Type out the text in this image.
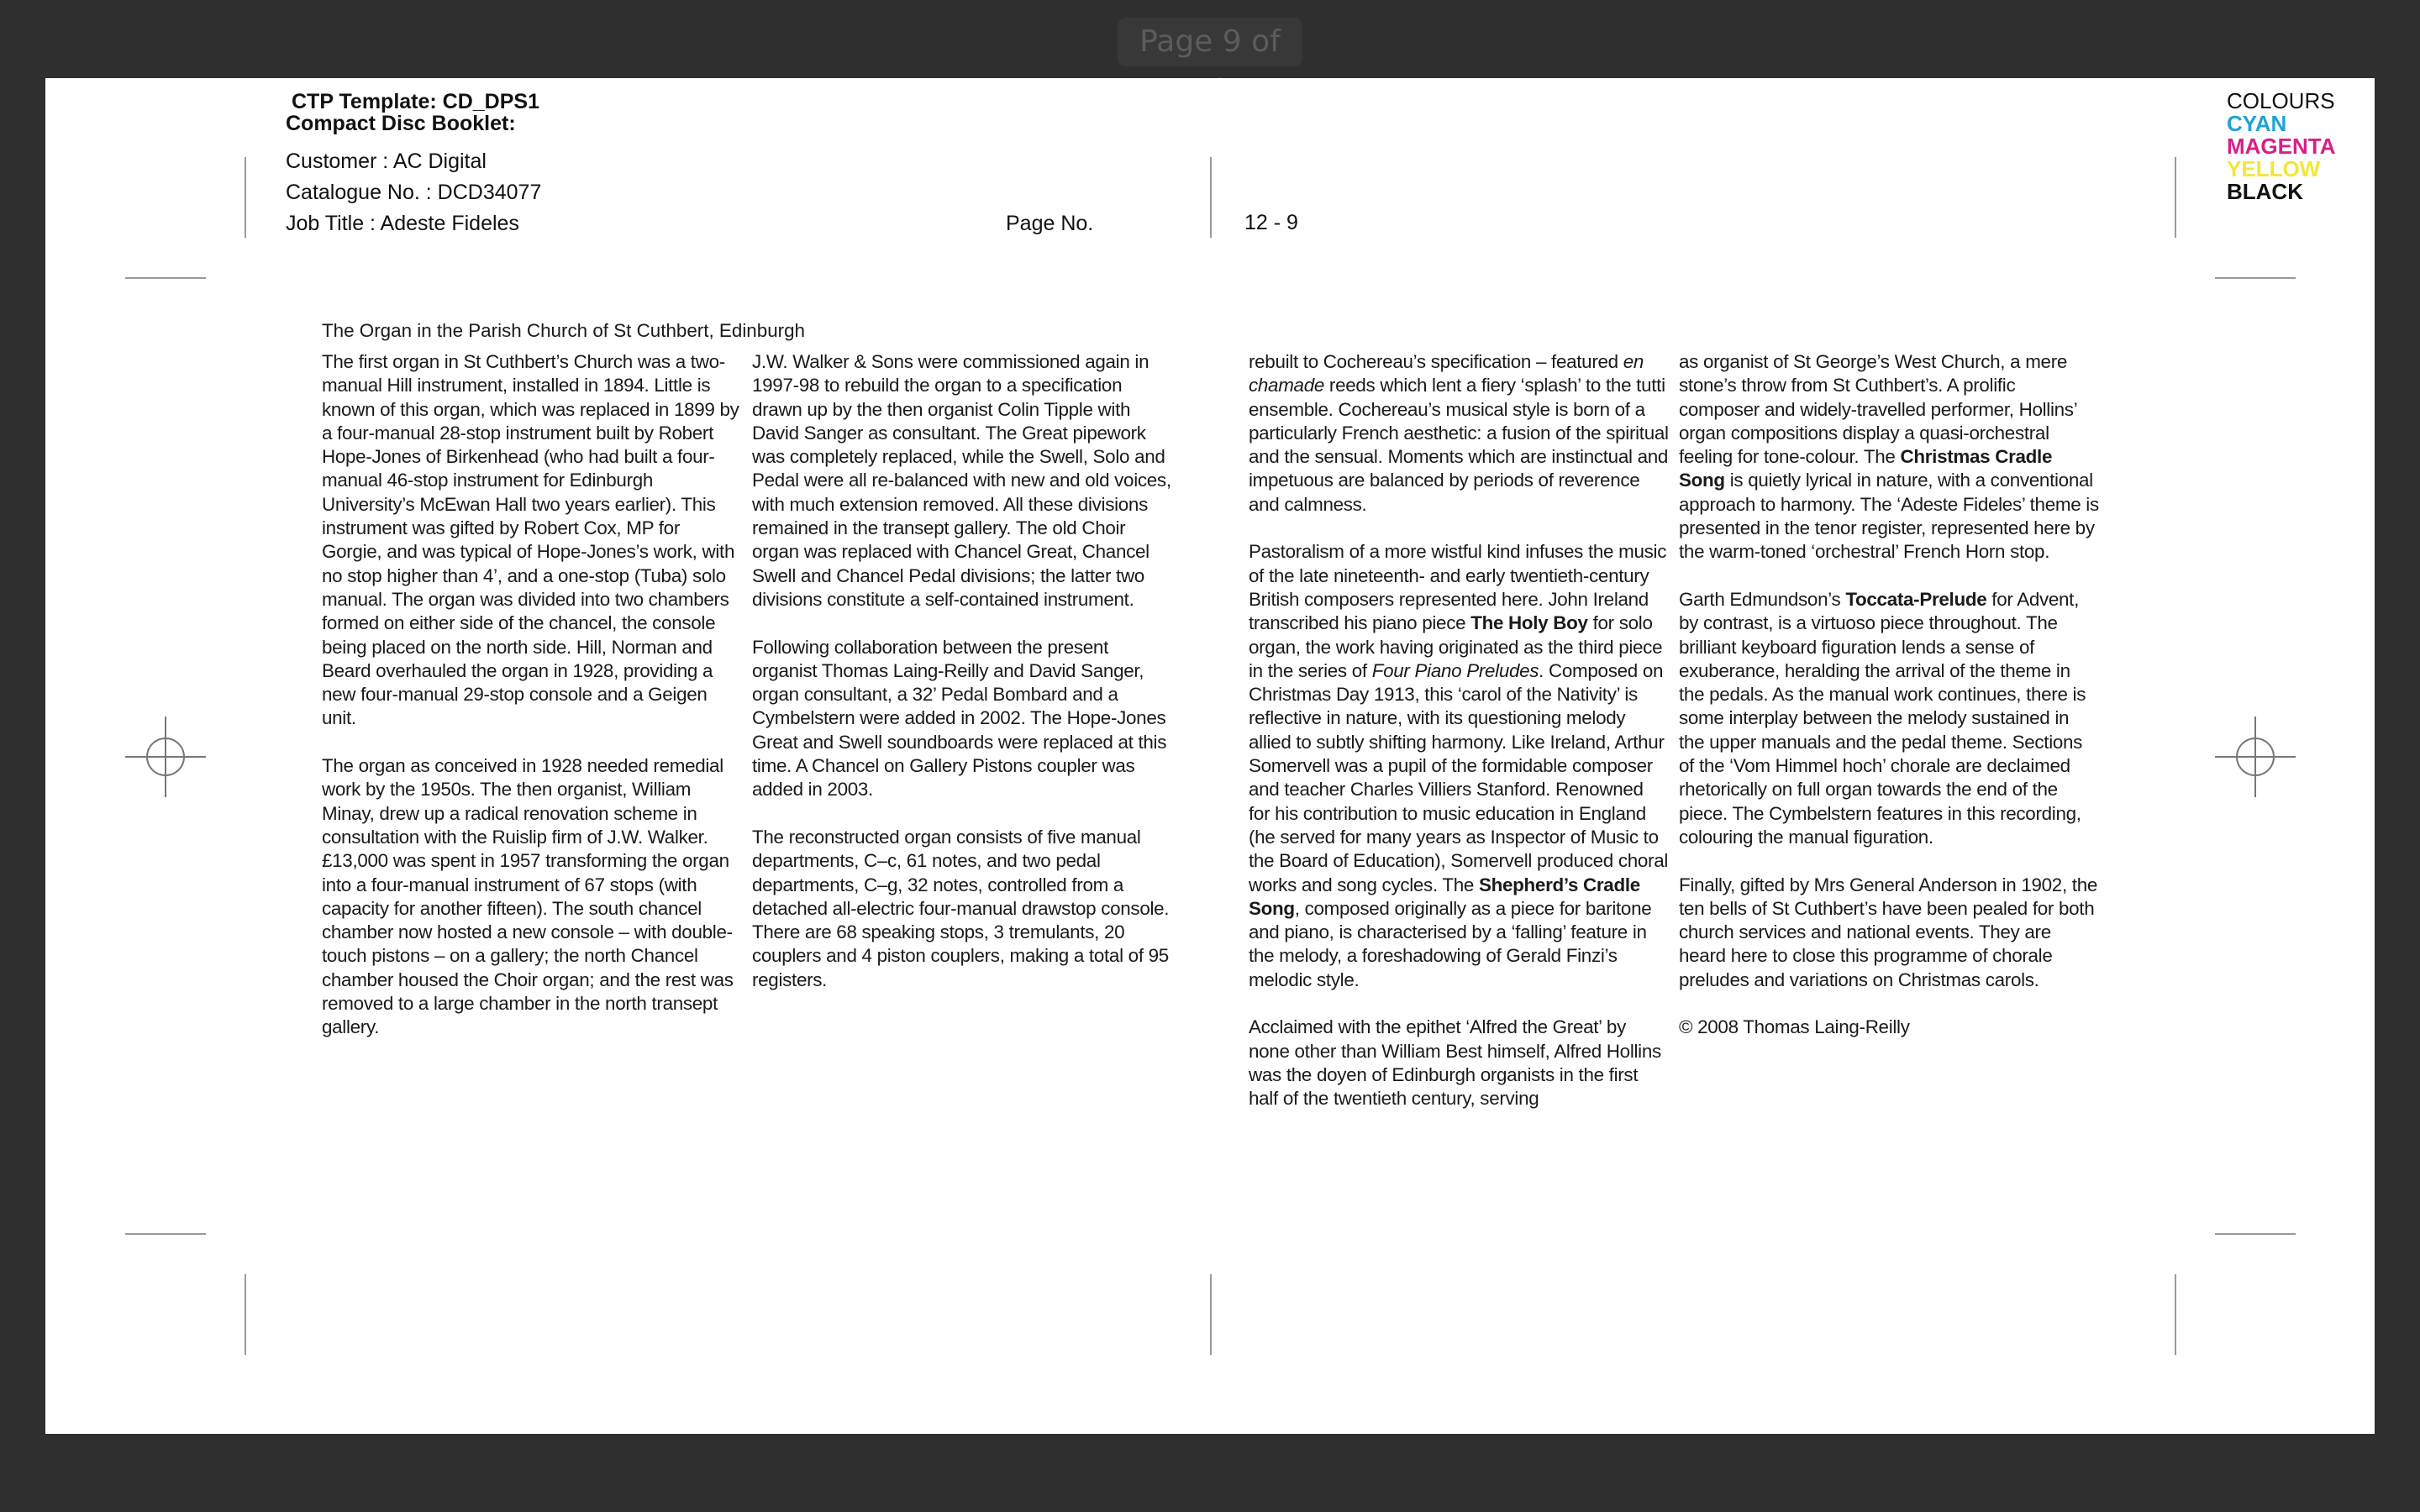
Page 9 of
CTP Template: CD_DPS1
Compact Disc Booklet:
Customer : AC Digital
Catalogue No. : DCD34077
Job Title : Adeste Fideles	Page No.	12 - 9
COLOURS
CYAN
MAGENTA
YELLOW
BLACK
The Organ in the Parish Church of St Cuthbert, Edinburgh

The first organ in St Cuthbert’s Church was a two-manual Hill instrument, installed in 1894. Little is known of this organ, which was replaced in 1899 by a four-manual 28-stop instrument built by Robert Hope-Jones of Birkenhead (who had built a four-manual 46-stop instrument for Edinburgh University’s McEwan Hall two years earlier). This instrument was gifted by Robert Cox, MP for Gorgie, and was typical of Hope-Jones’s work, with no stop higher than 4’, and a one-stop (Tuba) solo manual. The organ was divided into two chambers formed on either side of the chancel, the console being placed on the north side. Hill, Norman and Beard overhauled the organ in 1928, providing a new four-manual 29-stop console and a Geigen unit.

The organ as conceived in 1928 needed remedial work by the 1950s. The then organist, William Minay, drew up a radical renovation scheme in consultation with the Ruislip firm of J.W. Walker. £13,000 was spent in 1957 transforming the organ into a four-manual instrument of 67 stops (with capacity for another fifteen). The south chancel chamber now hosted a new console – with double-touch pistons – on a gallery; the north Chancel chamber housed the Choir organ; and the rest was removed to a large chamber in the north transept gallery.

J.W. Walker & Sons were commissioned again in 1997-98 to rebuild the organ to a specification drawn up by the then organist Colin Tipple with David Sanger as consultant. The Great pipework was completely replaced, while the Swell, Solo and Pedal were all re-balanced with new and old voices, with much extension removed. All these divisions remained in the transept gallery. The old Choir organ was replaced with Chancel Great, Chancel Swell and Chancel Pedal divisions; the latter two divisions constitute a self-contained instrument.

Following collaboration between the present organist Thomas Laing-Reilly and David Sanger, organ consultant, a 32’ Pedal Bombard and a Cymbelstern were added in 2002. The Hope-Jones Great and Swell soundboards were replaced at this time. A Chancel on Gallery Pistons coupler was added in 2003.

The reconstructed organ consists of five manual departments, C–c, 61 notes, and two pedal departments, C–g, 32 notes, controlled from a detached all-electric four-manual drawstop console. There are 68 speaking stops, 3 tremulants, 20 couplers and 4 piston couplers, making a total of 95 registers.

rebuilt to Cochereau’s specification – featured en chamade reeds which lent a fiery ‘splash’ to the tutti ensemble. Cochereau’s musical style is born of a particularly French aesthetic: a fusion of the spiritual and the sensual. Moments which are instinctual and impetuous are balanced by periods of reverence and calmness.

Pastoralism of a more wistful kind infuses the music of the late nineteenth- and early twentieth-century British composers represented here. John Ireland transcribed his piano piece The Holy Boy for solo organ, the work having originated as the third piece in the series of Four Piano Preludes. Composed on Christmas Day 1913, this ‘carol of the Nativity’ is reflective in nature, with its questioning melody allied to subtly shifting harmony. Like Ireland, Arthur Somervell was a pupil of the formidable composer and teacher Charles Villiers Stanford. Renowned for his contribution to music education in England (he served for many years as Inspector of Music to the Board of Education), Somervell produced choral works and song cycles. The Shepherd’s Cradle Song, composed originally as a piece for baritone and piano, is characterised by a ‘falling’ feature in the melody, a foreshadowing of Gerald Finzi’s melodic style.

Acclaimed with the epithet ‘Alfred the Great’ by none other than William Best himself, Alfred Hollins was the doyen of Edinburgh organists in the first half of the twentieth century, serving

as organist of St George’s West Church, a mere stone’s throw from St Cuthbert’s. A prolific composer and widely-travelled performer, Hollins’ organ compositions display a quasi-orchestral feeling for tone-colour. The Christmas Cradle Song is quietly lyrical in nature, with a conventional approach to harmony. The ‘Adeste Fideles’ theme is presented in the tenor register, represented here by the warm-toned ‘orchestral’ French Horn stop.

Garth Edmundson’s Toccata-Prelude for Advent, by contrast, is a virtuoso piece throughout. The brilliant keyboard figuration lends a sense of exuberance, heralding the arrival of the theme in the pedals. As the manual work continues, there is some interplay between the melody sustained in the upper manuals and the pedal theme. Sections of the ‘Vom Himmel hoch’ chorale are declaimed rhetorically on full organ towards the end of the piece. The Cymbelstern features in this recording, colouring the manual figuration.

Finally, gifted by Mrs General Anderson in 1902, the ten bells of St Cuthbert’s have been pealed for both church services and national events. They are heard here to close this programme of chorale preludes and variations on Christmas carols.

© 2008 Thomas Laing-Reilly
